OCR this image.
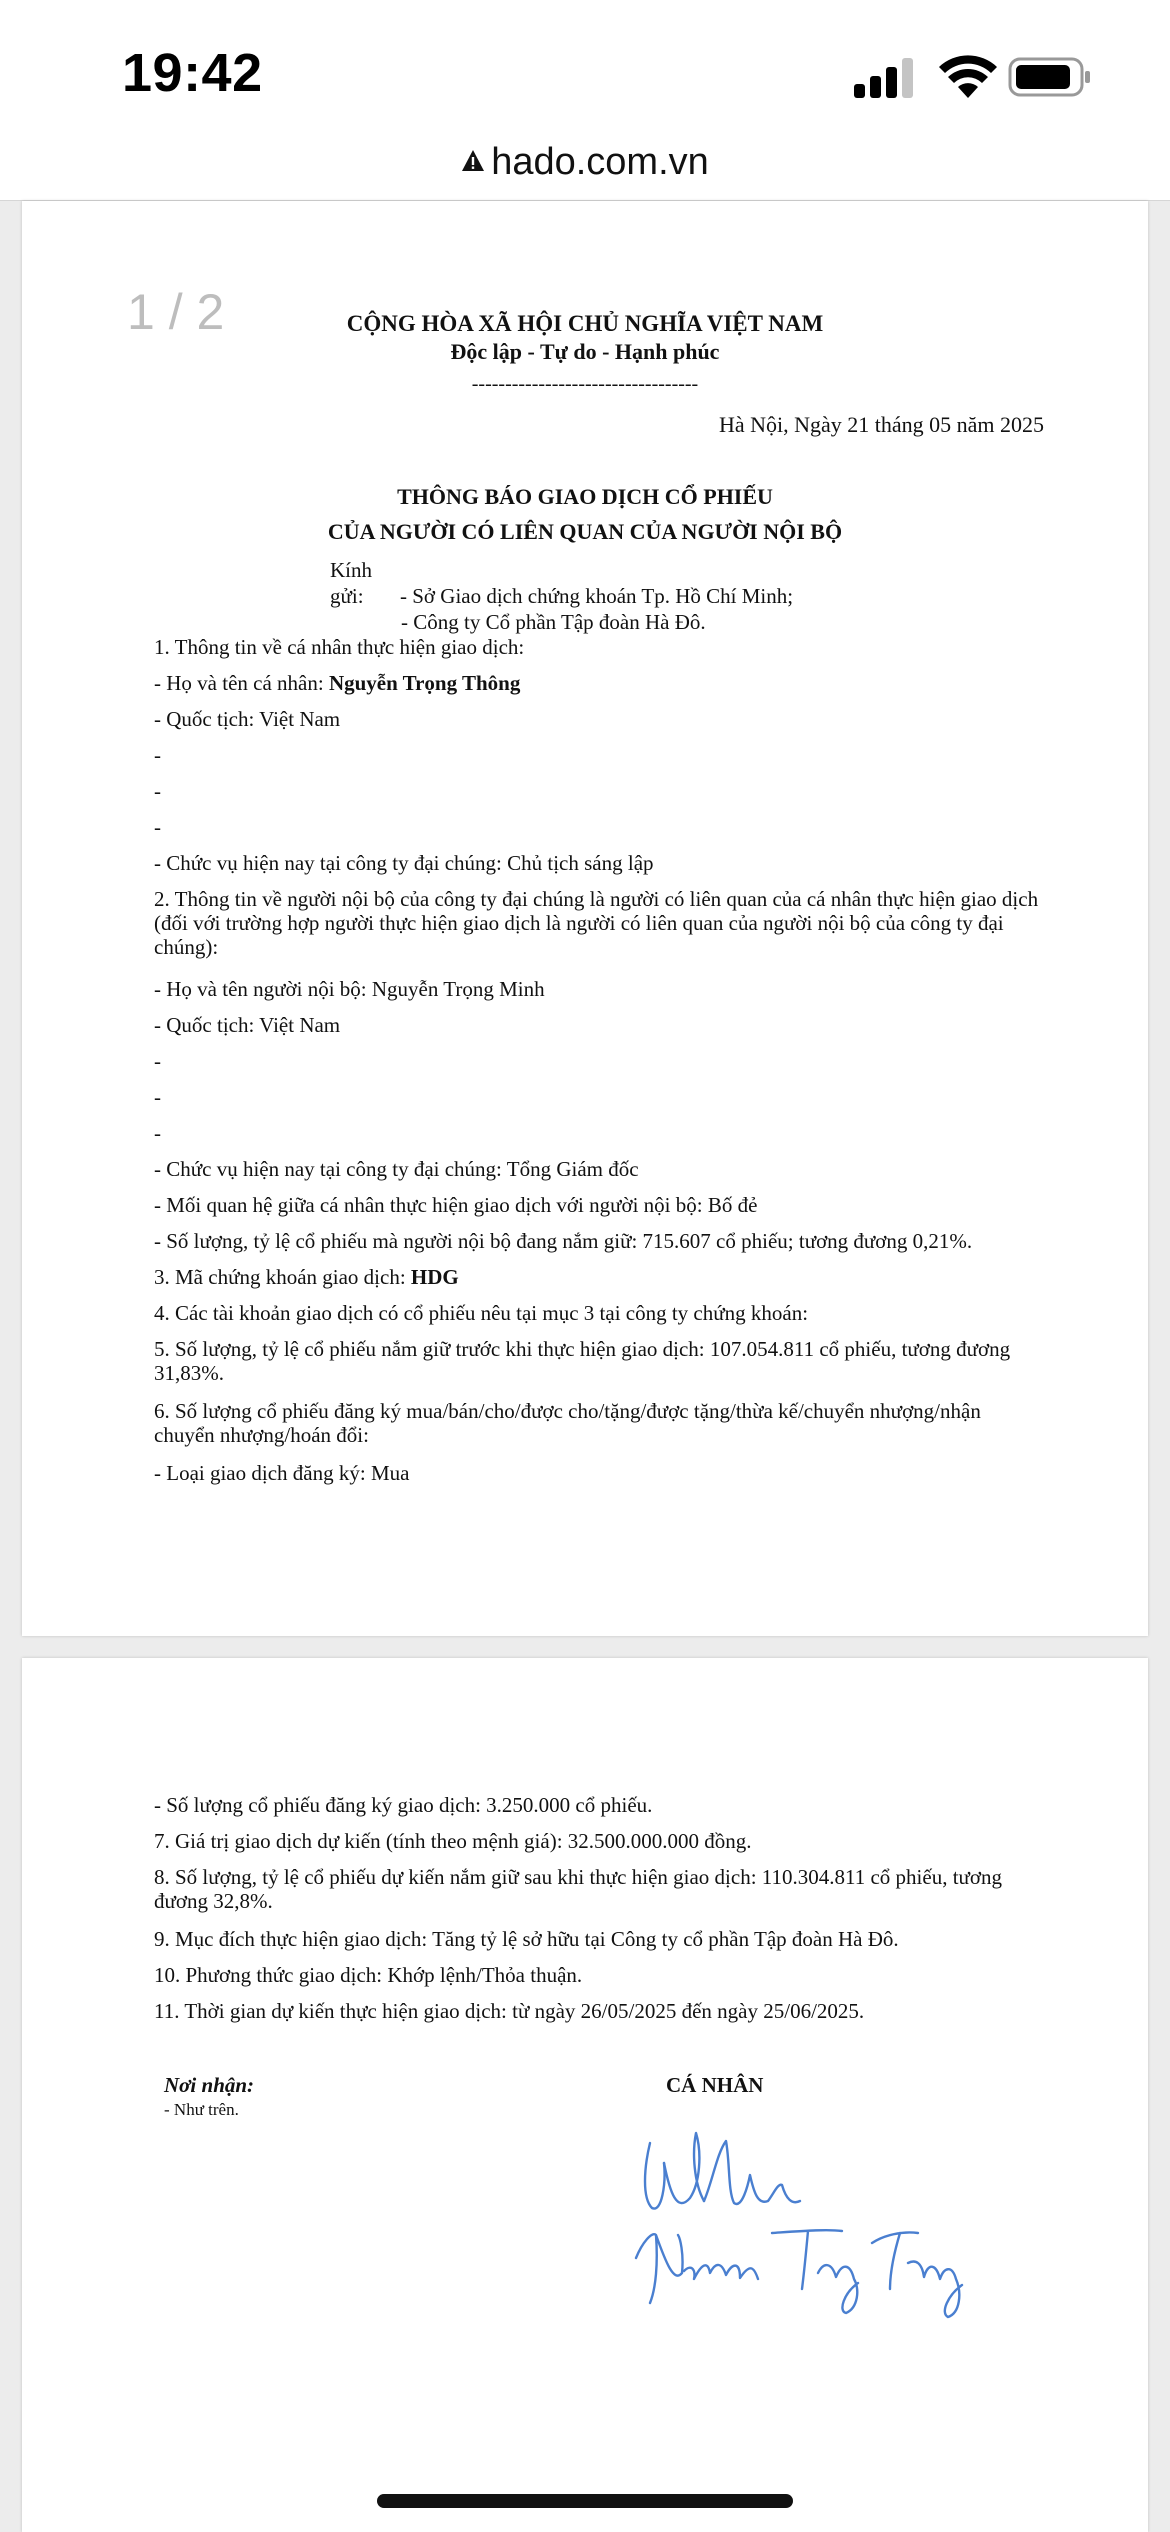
19:42
hado.com.vn
1 / 2	CỘNG HÒA XÃ HỘI CHỦ NGHĨA VIỆT NAM
Độc lập - Tự do - Hạnh phúc
----------------------------------
Hà Nội, Ngày 21 tháng 05 năm 2025
THÔNG BÁO GIAO DỊCH CỔ PHIẾU
CỦA NGƯỜI CÓ LIÊN QUAN CỦA NGƯỜI NỘI BỘ
Kính gửi: - Sở Giao dịch chứng khoán Tp. Hồ Chí Minh;
- Công ty Cổ phần Tập đoàn Hà Đô.
1. Thông tin về cá nhân thực hiện giao dịch:
- Họ và tên cá nhân: Nguyễn Trọng Thông
- Quốc tịch: Việt Nam
-
-
-
- Chức vụ hiện nay tại công ty đại chúng: Chủ tịch sáng lập
2. Thông tin về người nội bộ của công ty đại chúng là người có liên quan của cá nhân thực hiện giao dịch (đối với trường hợp người thực hiện giao dịch là người có liên quan của người nội bộ của công ty đại chúng):
- Họ và tên người nội bộ: Nguyễn Trọng Minh
- Quốc tịch: Việt Nam
-
-
-
- Chức vụ hiện nay tại công ty đại chúng: Tổng Giám đốc
- Mối quan hệ giữa cá nhân thực hiện giao dịch với người nội bộ: Bố đẻ
- Số lượng, tỷ lệ cổ phiếu mà người nội bộ đang nắm giữ: 715.607 cổ phiếu; tương đương 0,21%.
3. Mã chứng khoán giao dịch: HDG
4. Các tài khoản giao dịch có cổ phiếu nêu tại mục 3 tại công ty chứng khoán:
5. Số lượng, tỷ lệ cổ phiếu nắm giữ trước khi thực hiện giao dịch: 107.054.811 cổ phiếu, tương đương 31,83%.
6. Số lượng cổ phiếu đăng ký mua/bán/cho/được cho/tặng/được tặng/thừa kế/chuyển nhượng/nhận chuyển nhượng/hoán đổi:
- Loại giao dịch đăng ký: Mua
- Số lượng cổ phiếu đăng ký giao dịch: 3.250.000 cổ phiếu.
7. Giá trị giao dịch dự kiến (tính theo mệnh giá): 32.500.000.000 đồng.
8. Số lượng, tỷ lệ cổ phiếu dự kiến nắm giữ sau khi thực hiện giao dịch: 110.304.811 cổ phiếu, tương đương 32,8%.
9. Mục đích thực hiện giao dịch: Tăng tỷ lệ sở hữu tại Công ty cổ phần Tập đoàn Hà Đô.
10. Phương thức giao dịch: Khớp lệnh/Thỏa thuận.
11. Thời gian dự kiến thực hiện giao dịch: từ ngày 26/05/2025 đến ngày 25/06/2025.
Nơi nhận:
- Như trên.
CÁ NHÂN
